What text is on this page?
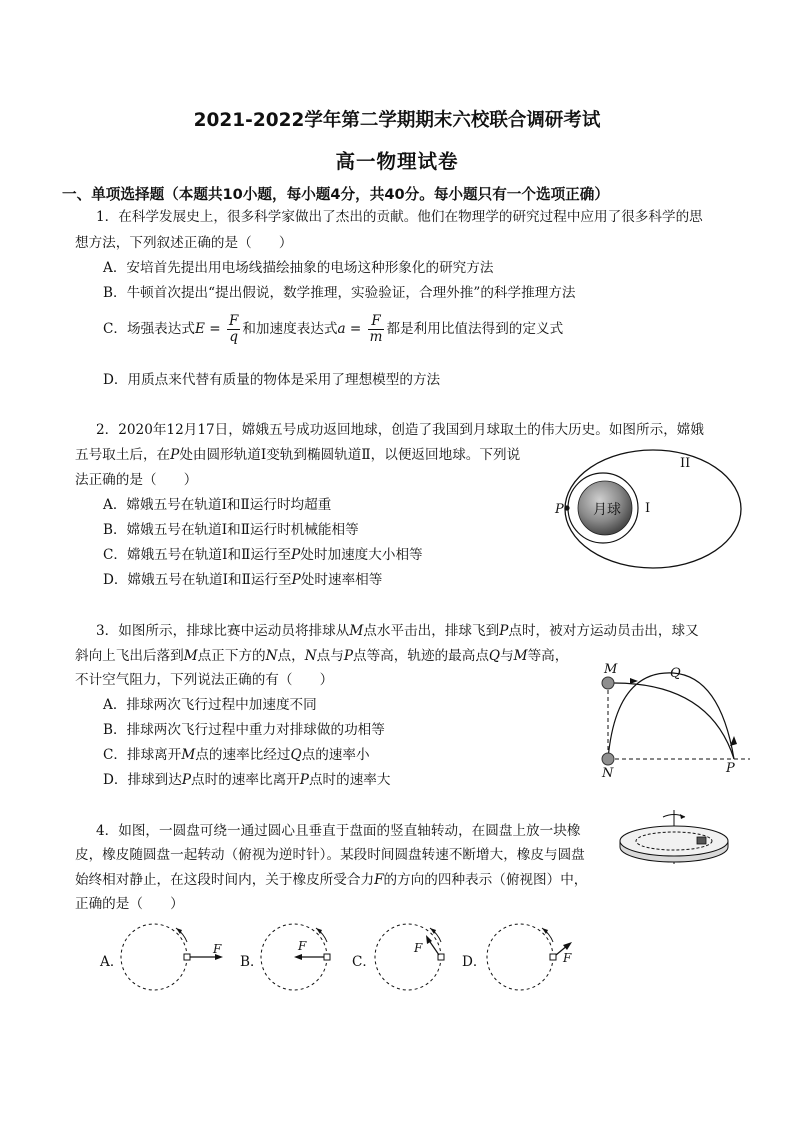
2021-2022学年第二学期期末六校联合调研考试
高一物理试卷
一、单项选择题（本题共10小题，每小题4分，共40分。每小题只有一个选项正确）
1．在科学发展史上，很多科学家做出了杰出的贡献。他们在物理学的研究过程中应用了很多科学的思
想方法，下列叙述正确的是（　　）
A．安培首先提出用电场线描绘抽象的电场这种形象化的研究方法
B．牛顿首次提出“提出假说，数学推理，实验验证，合理外推”的科学推理方法
C．场强表达式$E = \frac{F}{q}$ 和加速度表达式$a = \frac{F}{m}$ 都是利用比值法得到的定义式
D．用质点来代替有质量的物体是采用了理想模型的方法
2．2020年12月17日，嫦娥五号成功返回地球，创造了我国到月球取土的伟大历史。如图所示，嫦娥
五号取土后，在P处由圆形轨道Ⅰ变轨到椭圆轨道Ⅱ，以便返回地球。下列说
法正确的是（　　）
A．嫦娥五号在轨道Ⅰ和Ⅱ运行时均超重
B．嫦娥五号在轨道Ⅰ和Ⅱ运行时机械能相等
C．嫦娥五号在轨道Ⅰ和Ⅱ运行至P处时加速度大小相等
D．嫦娥五号在轨道Ⅰ和Ⅱ运行至P处时速率相等
月球
P	I
II
3．如图所示，排球比赛中运动员将排球从M点水平击出，排球飞到P点时，被对方运动员击出，球又
斜向上飞出后落到M点正下方的N点，N点与P点等高，轨迹的最高点Q与M等高，
不计空气阻力，下列说法正确的有（　　）
A．排球两次飞行过程中加速度不同
B．排球两次飞行过程中重力对排球做的功相等
C．排球离开M点的速率比经过Q点的速率小
D．排球到达P点时的速率比离开P点时的速率大
M	Q
N	P
4．如图，一圆盘可绕一通过圆心且垂直于盘面的竖直轴转动，在圆盘上放一块橡
皮，橡皮随圆盘一起转动（俯视为逆时针）。某段时间圆盘转速不断增大，橡皮与圆盘
始终相对静止，在这段时间内，关于橡皮所受合力F的方向的四种表示（俯视图）中，
正确的是（　　）
A．
F
B．
F
C．
F
D．	F
